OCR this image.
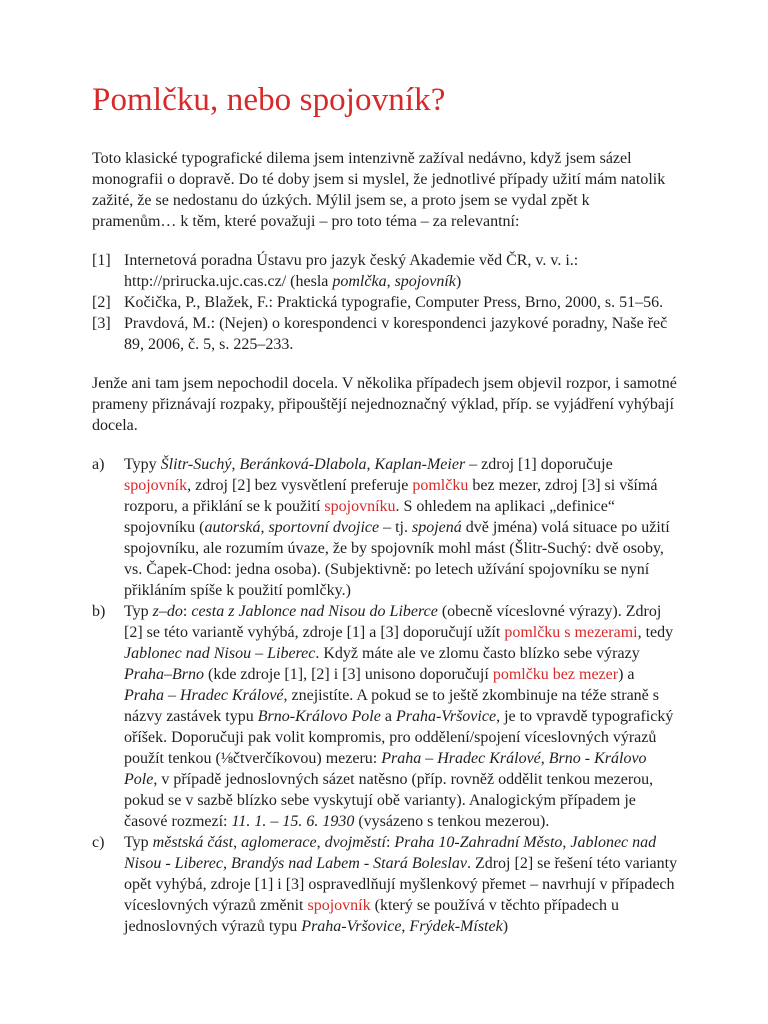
Pomlčku, nebo spojovník?

Toto klasické typografické dilema jsem intenzivně zažíval nedávno, když jsem sázel monografii o dopravě. Do té doby jsem si myslel, že jednotlivé případy užití mám natolik zažité, že se nedostanu do úzkých. Mýlil jsem se, a proto jsem se vydal zpět k pramenům… k těm, které považuji – pro toto téma – za relevantní:

[1] Internetová poradna Ústavu pro jazyk český Akademie věd ČR, v. v. i.: http://prirucka.ujc.cas.cz/ (hesla pomlčka, spojovník)
[2] Kočička, P., Blažek, F.: Praktická typografie, Computer Press, Brno, 2000, s. 51–56.
[3] Pravdová, M.: (Nejen) o korespondenci v korespondenci jazykové poradny, Naše řeč 89, 2006, č. 5, s. 225–233.

Jenže ani tam jsem nepochodil docela. V několika případech jsem objevil rozpor, i samotné prameny přiznávají rozpaky, připouštějí nejednoznačný výklad, příp. se vyjádření vyhýbají docela.

a)	Typy Šlitr-Suchý, Beránková-Dlabola, Kaplan-Meier – zdroj [1] doporučuje spojovník, zdroj [2] bez vysvětlení preferuje pomlčku bez mezer, zdroj [3] si všímá rozporu, a přiklání se k použití spojovníku. S ohledem na aplikaci „definice“ spojovníku (autorská, sportovní dvojice – tj. spojená dvě jména) volá situace po užití spojovníku, ale rozumím úvaze, že by spojovník mohl mást (Šlitr-Suchý: dvě osoby, vs. Čapek-Chod: jedna osoba). (Subjektivně: po letech užívání spojovníku se nyní přikláním spíše k použití pomlčky.)
b)	Typ z–do: cesta z Jablonce nad Nisou do Liberce (obecně víceslovné výrazy). Zdroj [2] se této variantě vyhýbá, zdroje [1] a [3] doporučují užít pomlčku s mezerami, tedy Jablonec nad Nisou – Liberec. Když máte ale ve zlomu často blízko sebe výrazy Praha–Brno (kde zdroje [1], [2] i [3] unisono doporučují pomlčku bez mezer) a Praha – Hradec Králové, znejistíte. A pokud se to ještě zkombinuje na téže straně s názvy zastávek typu Brno-Královo Pole a Praha-Vršovice, je to vpravdě typografický oříšek. Doporučuji pak volit kompromis, pro oddělení/spojení víceslovných výrazů použít tenkou (⅛čtverčíkovou) mezeru: Praha – Hradec Králové, Brno - Královo Pole, v případě jednoslovných sázet natěsno (příp. rovněž oddělit tenkou mezerou, pokud se v sazbě blízko sebe vyskytují obě varianty). Analogickým případem je časové rozmezí: 11. 1. – 15. 6. 1930 (vysázeno s tenkou mezerou).
c)	Typ městská část, aglomerace, dvojměstí: Praha 10-Zahradní Město, Jablonec nad Nisou - Liberec, Brandýs nad Labem - Stará Boleslav. Zdroj [2] se řešení této varianty opět vyhýbá, zdroje [1] i [3] ospravedlňují myšlenkový přemet – navrhují v případech víceslovných výrazů změnit spojovník (který se používá v těchto případech u jednoslovných výrazů typu Praha-Vršovice, Frýdek-Místek)
